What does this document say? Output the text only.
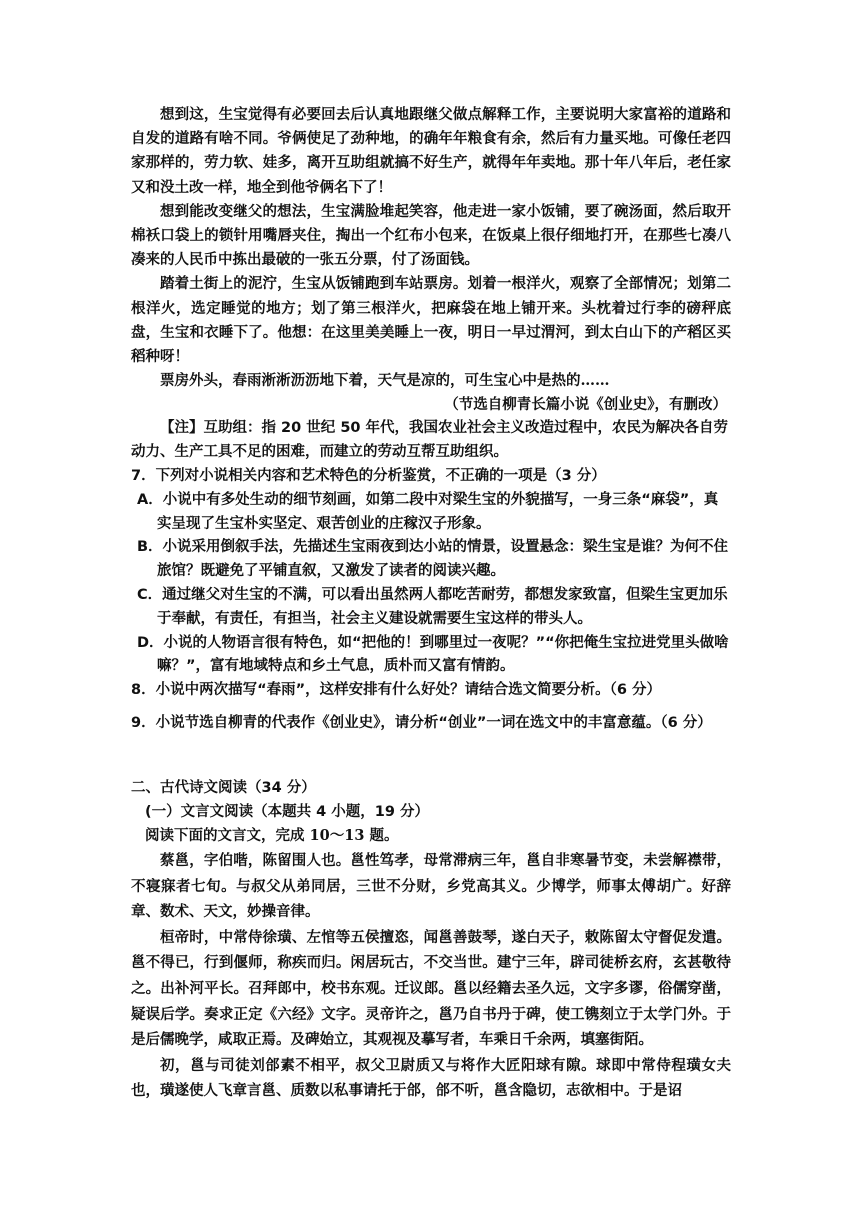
想到这，生宝觉得有必要回去后认真地跟继父做点解释工作，主要说明大家富裕的道路和自发的道路有啥不同。爷俩使足了劲种地，的确年年粮食有余，然后有力量买地。可像任老四家那样的，劳力软、娃多，离开互助组就搞不好生产，就得年年卖地。那十年八年后，老任家又和没土改一样，地全到他爷俩名下了！

想到能改变继父的想法，生宝满脸堆起笑容，他走进一家小饭铺，要了碗汤面，然后取开棉袄口袋上的锁针用嘴唇夹住，掏出一个红布小包来，在饭桌上很仔细地打开，在那些七凑八凑来的人民币中拣出最破的一张五分票，付了汤面钱。

踏着土街上的泥泞，生宝从饭铺跑到车站票房。划着一根洋火，观察了全部情况；划第二根洋火，选定睡觉的地方；划了第三根洋火，把麻袋在地上铺开来。头枕着过行李的磅秤底盘，生宝和衣睡下了。他想：在这里美美睡上一夜，明日一早过渭河，到太白山下的产稻区买稻种呀！

票房外头，春雨淅淅沥沥地下着，天气是凉的，可生宝心中是热的……

（节选自柳青长篇小说《创业史》，有删改）

【注】互助组：指 20 世纪 50 年代，我国农业社会主义改造过程中，农民为解决各自劳动力、生产工具不足的困难，而建立的劳动互帮互助组织。

7．下列对小说相关内容和艺术特色的分析鉴赏，不正确的一项是（3 分）

A．小说中有多处生动的细节刻画，如第二段中对梁生宝的外貌描写，一身三条“麻袋”，真实呈现了生宝朴实坚定、艰苦创业的庄稼汉子形象。

B．小说采用倒叙手法，先描述生宝雨夜到达小站的情景，设置悬念：梁生宝是谁？为何不住旅馆？既避免了平铺直叙，又激发了读者的阅读兴趣。

C．通过继父对生宝的不满，可以看出虽然两人都吃苦耐劳，都想发家致富，但梁生宝更加乐于奉献，有责任，有担当，社会主义建设就需要生宝这样的带头人。

D．小说的人物语言很有特色，如“把他的！到哪里过一夜呢？”“你把俺生宝拉进党里头做啥嘛？”，富有地域特点和乡土气息，质朴而又富有情韵。

8．小说中两次描写“春雨”，这样安排有什么好处？请结合选文简要分析。（6 分）

9．小说节选自柳青的代表作《创业史》，请分析“创业”一词在选文中的丰富意蕴。（6 分）

二、古代诗文阅读（34 分）

(一）文言文阅读（本题共 4 小题，19 分）

阅读下面的文言文，完成 10～13 题。

蔡邕，字伯喈，陈留围人也。邕性笃孝，母常滞病三年，邕自非寒暑节变，未尝解襟带，不寝寐者七旬。与叔父从弟同居，三世不分财，乡党高其义。少博学，师事太傅胡广。好辞章、数术、天文，妙操音律。

桓帝时，中常侍徐璜、左悺等五侯擅恣，闻邕善鼓琴，遂白天子，敕陈留太守督促发遣。邕不得已，行到偃师，称疾而归。闲居玩古，不交当世。建宁三年，辟司徒桥玄府，玄甚敬待之。出补河平长。召拜郎中，校书东观。迁议郎。邕以经籍去圣久远，文字多谬，俗儒穿凿，疑误后学。奏求正定《六经》文字。灵帝许之，邕乃自书丹于碑，使工镌刻立于太学门外。于是后儒晚学，咸取正焉。及碑始立，其观视及摹写者，车乘日千余两，填塞街陌。

初，邕与司徒刘郃素不相平，叔父卫尉质又与将作大匠阳球有隙。球即中常侍程璜女夫也，璜遂使人飞章言邕、质数以私事请托于郃，郃不听，邕含隐切，志欲相中。于是诏
